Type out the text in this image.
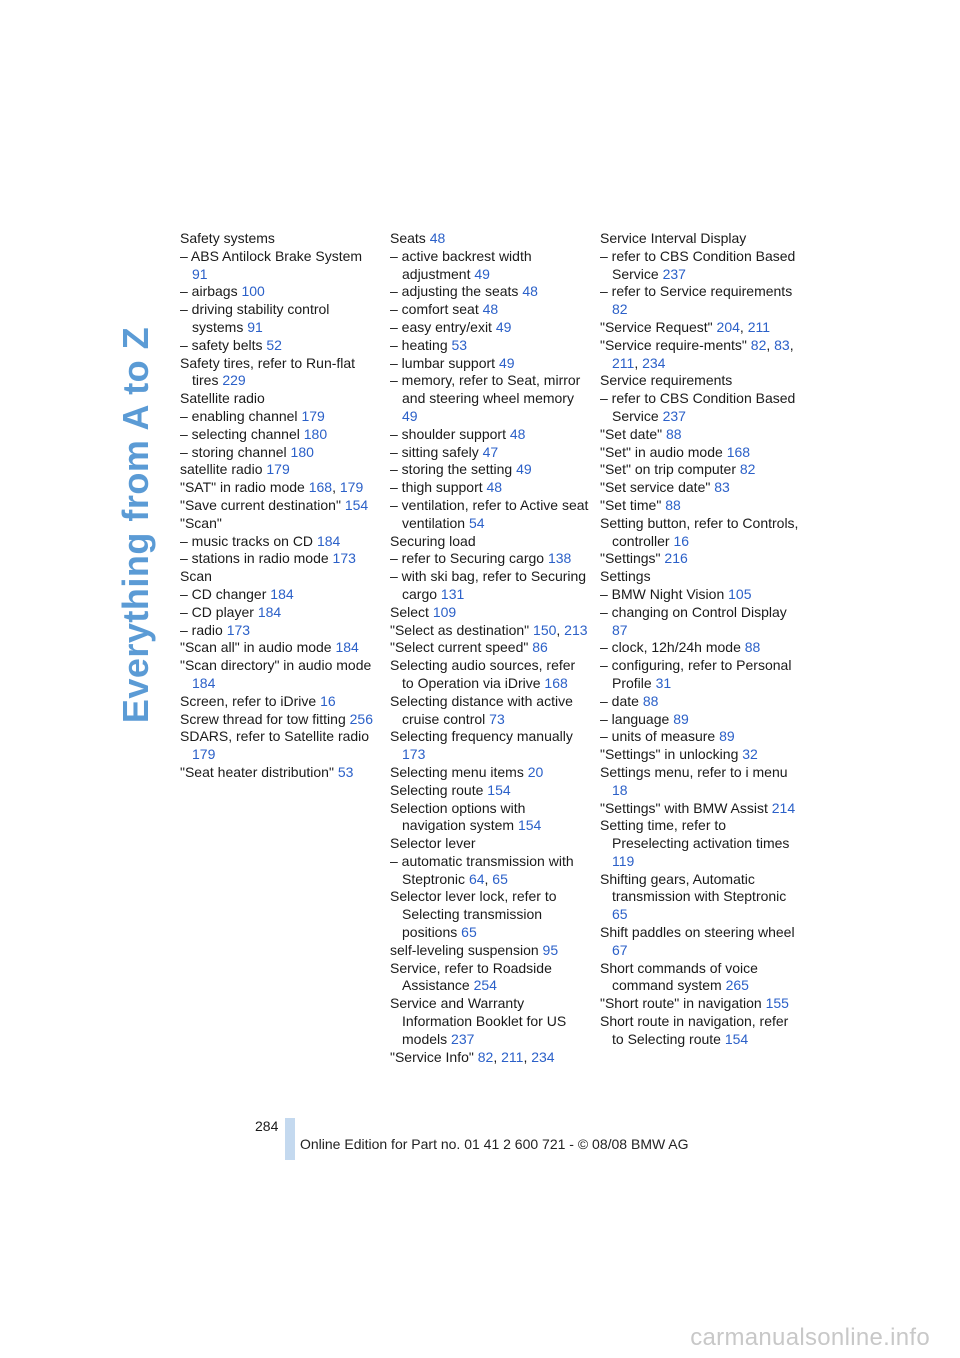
Everything from A to Z
Safety systems
– ABS Antilock Brake System 91
– airbags 100
– driving stability control systems 91
– safety belts 52
Safety tires, refer to Run-flat tires 229
Satellite radio
– enabling channel 179
– selecting channel 180
– storing channel 180
satellite radio 179
"SAT" in radio mode 168, 179
"Save current destination" 154
"Scan"
– music tracks on CD 184
– stations in radio mode 173
Scan
– CD changer 184
– CD player 184
– radio 173
"Scan all" in audio mode 184
"Scan directory" in audio mode 184
Screen, refer to iDrive 16
Screw thread for tow fitting 256
SDARS, refer to Satellite radio 179
"Seat heater distribution" 53
Seats 48
– active backrest width adjustment 49
– adjusting the seats 48
– comfort seat 48
– easy entry/exit 49
– heating 53
– lumbar support 49
– memory, refer to Seat, mirror and steering wheel memory 49
– shoulder support 48
– sitting safely 47
– storing the setting 49
– thigh support 48
– ventilation, refer to Active seat ventilation 54
Securing load
– refer to Securing cargo 138
– with ski bag, refer to Securing cargo 131
Select 109
"Select as destination" 150, 213
"Select current speed" 86
Selecting audio sources, refer to Operation via iDrive 168
Selecting distance with active cruise control 73
Selecting frequency manually 173
Selecting menu items 20
Selecting route 154
Selection options with navigation system 154
Selector lever
– automatic transmission with Steptronic 64, 65
Selector lever lock, refer to Selecting transmission positions 65
self-leveling suspension 95
Service, refer to Roadside Assistance 254
Service and Warranty Information Booklet for US models 237
"Service Info" 82, 211, 234
Service Interval Display
– refer to CBS Condition Based Service 237
– refer to Service requirements 82
"Service Request" 204, 211
"Service require-ments" 82, 83, 211, 234
Service requirements
– refer to CBS Condition Based Service 237
"Set date" 88
"Set" in audio mode 168
"Set" on trip computer 82
"Set service date" 83
"Set time" 88
Setting button, refer to Controls, controller 16
"Settings" 216
Settings
– BMW Night Vision 105
– changing on Control Display 87
– clock, 12h/24h mode 88
– configuring, refer to Personal Profile 31
– date 88
– language 89
– units of measure 89
"Settings" in unlocking 32
Settings menu, refer to i menu 18
"Settings" with BMW Assist 214
Setting time, refer to Preselecting activation times 119
Shifting gears, Automatic transmission with Steptronic 65
Shift paddles on steering wheel 67
Short commands of voice command system 265
"Short route" in navigation 155
Short route in navigation, refer to Selecting route 154
284
Online Edition for Part no. 01 41 2 600 721 - © 08/08 BMW AG
carmanualsonline.info
